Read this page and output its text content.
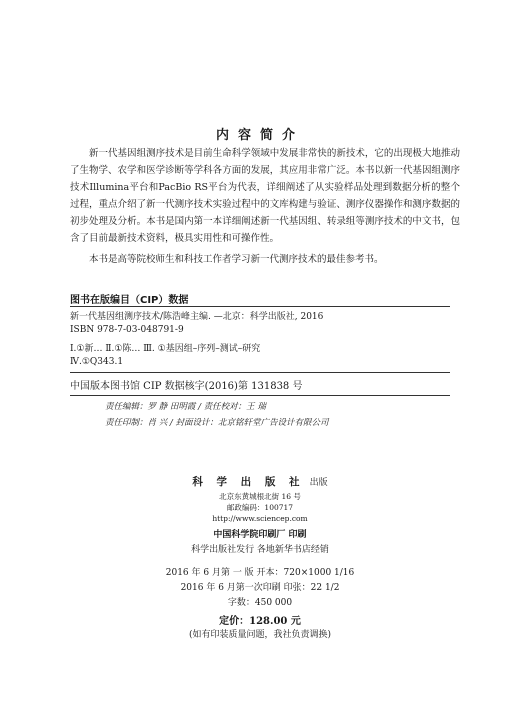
内容简介

新一代基因组测序技术是目前生命科学领域中发展非常快的新技术，它的出现极大地推动了生物学、农学和医学诊断等学科各方面的发展，其应用非常广泛。本书以新一代基因组测序技术Illumina平台和PacBio RS平台为代表，详细阐述了从实验样品处理到数据分析的整个过程，重点介绍了新一代测序技术实验过程中的文库构建与验证、测序仪器操作和测序数据的初步处理及分析。本书是国内第一本详细阐述新一代基因组、转录组等测序技术的中文书，包含了目前最新技术资料，极具实用性和可操作性。

本书是高等院校师生和科技工作者学习新一代测序技术的最佳参考书。

图书在版编目（CIP）数据
新一代基因组测序技术/陈浩峰主编. —北京：科学出版社, 2016
ISBN 978-7-03-048791-9
Ⅰ.①新… Ⅱ.①陈… Ⅲ. ①基因组–序列–测试–研究
Ⅳ.①Q343.1
中国版本图书馆 CIP 数据核字(2016)第 131838 号
责任编辑：罗 静 田明霞 / 责任校对：王 瑞
责任印制：肖 兴 / 封面设计：北京铭轩堂广告设计有限公司
科 学 出 版 社 出版
北京东黄城根北街 16 号
邮政编码：100717
http://www.sciencep.com
中国科学院印刷厂 印刷
科学出版社发行 各地新华书店经销
2016 年 6 月第 一 版 开本：720×1000 1/16
2016 年 6 月第一次印刷 印张：22 1/2
字数：450 000
定价：128.00 元
(如有印装质量问题，我社负责调换)
